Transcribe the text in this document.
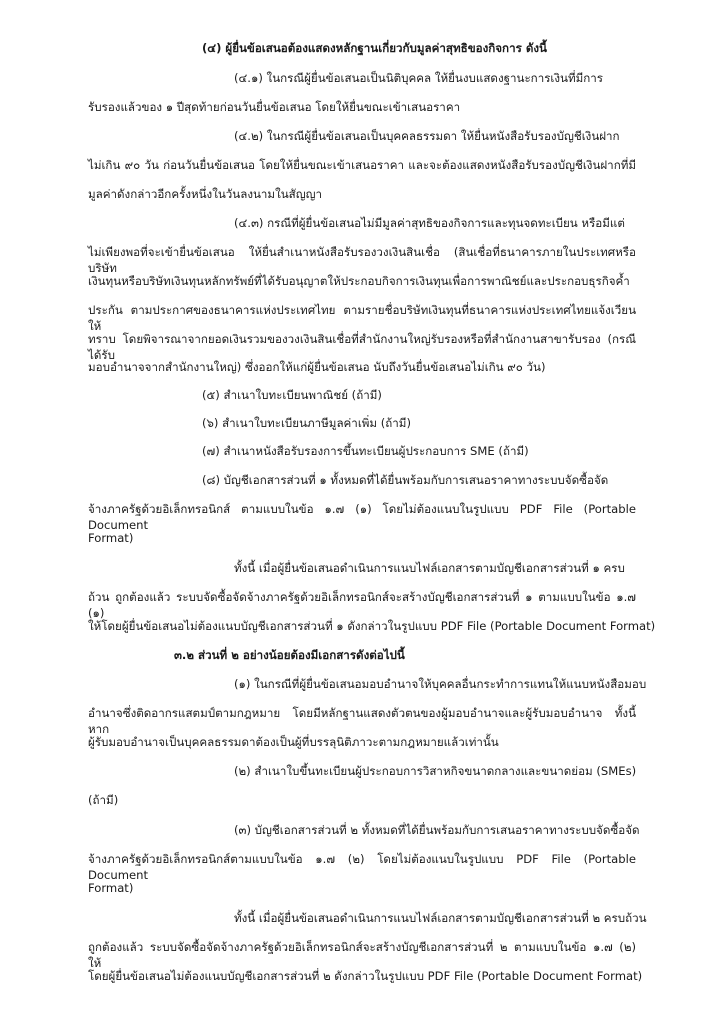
(๔) ผู้ยื่นข้อเสนอต้องแสดงหลักฐานเกี่ยวกับมูลค่าสุทธิของกิจการ ดังนี้
(๔.๑) ในกรณีผู้ยื่นข้อเสนอเป็นนิติบุคคล ให้ยื่นงบแสดงฐานะการเงินที่มีการ
รับรองแล้วของ ๑ ปีสุดท้ายก่อนวันยื่นข้อเสนอ โดยให้ยื่นขณะเข้าเสนอราคา
(๔.๒) ในกรณีผู้ยื่นข้อเสนอเป็นบุคคลธรรมดา ให้ยื่นหนังสือรับรองบัญชีเงินฝาก
ไม่เกิน ๙๐ วัน ก่อนวันยื่นข้อเสนอ โดยให้ยื่นขณะเข้าเสนอราคา และจะต้องแสดงหนังสือรับรองบัญชีเงินฝากที่มี
มูลค่าดังกล่าวอีกครั้งหนึ่งในวันลงนามในสัญญา
(๔.๓) กรณีที่ผู้ยื่นข้อเสนอไม่มีมูลค่าสุทธิของกิจการและทุนจดทะเบียน หรือมีแต่
ไม่เพียงพอที่จะเข้ายื่นข้อเสนอ ให้ยื่นสำเนาหนังสือรับรองวงเงินสินเชื่อ (สินเชื่อที่ธนาคารภายในประเทศหรือบริษัท
เงินทุนหรือบริษัทเงินทุนหลักทรัพย์ที่ได้รับอนุญาตให้ประกอบกิจการเงินทุนเพื่อการพาณิชย์และประกอบธุรกิจค้ำ
ประกัน ตามประกาศของธนาคารแห่งประเทศไทย ตามรายชื่อบริษัทเงินทุนที่ธนาคารแห่งประเทศไทยแจ้งเวียนให้
ทราบ โดยพิจารณาจากยอดเงินรวมของวงเงินสินเชื่อที่สำนักงานใหญ่รับรองหรือที่สำนักงานสาขารับรอง (กรณีได้รับ
มอบอำนาจจากสำนักงานใหญ่) ซึ่งออกให้แก่ผู้ยื่นข้อเสนอ นับถึงวันยื่นข้อเสนอไม่เกิน ๙๐ วัน)
(๕) สำเนาใบทะเบียนพาณิชย์ (ถ้ามี)
(๖) สำเนาใบทะเบียนภาษีมูลค่าเพิ่ม (ถ้ามี)
(๗) สำเนาหนังสือรับรองการขึ้นทะเบียนผู้ประกอบการ SME (ถ้ามี)
(๘) บัญชีเอกสารส่วนที่ ๑ ทั้งหมดที่ได้ยื่นพร้อมกับการเสนอราคาทางระบบจัดซื้อจัด
จ้างภาครัฐด้วยอิเล็กทรอนิกส์ ตามแบบในข้อ ๑.๗ (๑) โดยไม่ต้องแนบในรูปแบบ PDF File (Portable Document
Format)
ทั้งนี้ เมื่อผู้ยื่นข้อเสนอดำเนินการแนบไฟล์เอกสารตามบัญชีเอกสารส่วนที่ ๑ ครบ
ถ้วน ถูกต้องแล้ว ระบบจัดซื้อจัดจ้างภาครัฐด้วยอิเล็กทรอนิกส์จะสร้างบัญชีเอกสารส่วนที่ ๑ ตามแบบในข้อ ๑.๗ (๑)
ให้โดยผู้ยื่นข้อเสนอไม่ต้องแนบบัญชีเอกสารส่วนที่ ๑ ดังกล่าวในรูปแบบ PDF File (Portable Document Format)
๓.๒ ส่วนที่ ๒ อย่างน้อยต้องมีเอกสารดังต่อไปนี้
(๑) ในกรณีที่ผู้ยื่นข้อเสนอมอบอำนาจให้บุคคลอื่นกระทำการแทนให้แนบหนังสือมอบ
อำนาจซึ่งติดอากรแสตมป์ตามกฎหมาย โดยมีหลักฐานแสดงตัวตนของผู้มอบอำนาจและผู้รับมอบอำนาจ ทั้งนี้หาก
ผู้รับมอบอำนาจเป็นบุคคลธรรมดาต้องเป็นผู้ที่บรรลุนิติภาวะตามกฎหมายแล้วเท่านั้น
(๒) สำเนาใบขึ้นทะเบียนผู้ประกอบการวิสาหกิจขนาดกลางและขนาดย่อม (SMEs)
(ถ้ามี)
(๓) บัญชีเอกสารส่วนที่ ๒ ทั้งหมดที่ได้ยื่นพร้อมกับการเสนอราคาทางระบบจัดซื้อจัด
จ้างภาครัฐด้วยอิเล็กทรอนิกส์ตามแบบในข้อ ๑.๗ (๒) โดยไม่ต้องแนบในรูปแบบ PDF File (Portable Document
Format)
ทั้งนี้ เมื่อผู้ยื่นข้อเสนอดำเนินการแนบไฟล์เอกสารตามบัญชีเอกสารส่วนที่ ๒ ครบถ้วน
ถูกต้องแล้ว ระบบจัดซื้อจัดจ้างภาครัฐด้วยอิเล็กทรอนิกส์จะสร้างบัญชีเอกสารส่วนที่ ๒ ตามแบบในข้อ ๑.๗ (๒) ให้
โดยผู้ยื่นข้อเสนอไม่ต้องแนบบัญชีเอกสารส่วนที่ ๒ ดังกล่าวในรูปแบบ PDF File (Portable Document Format)
